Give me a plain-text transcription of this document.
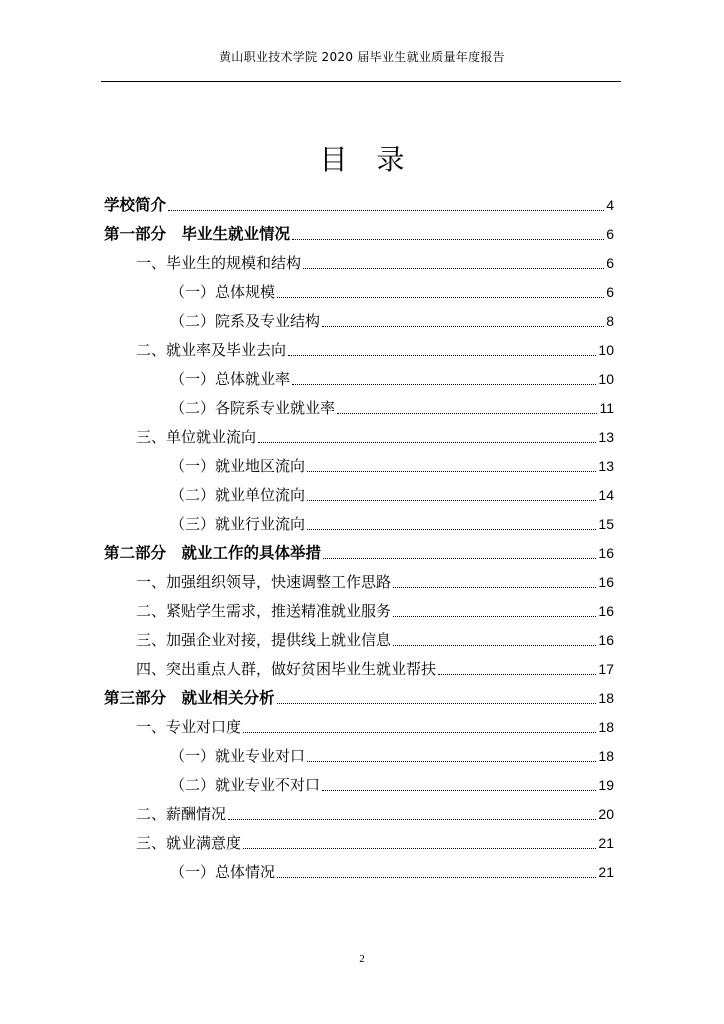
黄山职业技术学院 2020 届毕业生就业质量年度报告
目 录
学校简介	4
第一部分　毕业生就业情况	6
一、毕业生的规模和结构	6
（一）总体规模	6
（二）院系及专业结构	8
二、就业率及毕业去向	10
（一）总体就业率	10
（二）各院系专业就业率	11
三、单位就业流向	13
（一）就业地区流向	13
（二）就业单位流向	14
（三）就业行业流向	15
第二部分　就业工作的具体举措	16
一、加强组织领导，快速调整工作思路	16
二、紧贴学生需求，推送精准就业服务	16
三、加强企业对接，提供线上就业信息	16
四、突出重点人群，做好贫困毕业生就业帮扶	17
第三部分　就业相关分析	18
一、专业对口度	18
（一）就业专业对口	18
（二）就业专业不对口	19
二、薪酬情况	20
三、就业满意度	21
（一）总体情况	21
2
